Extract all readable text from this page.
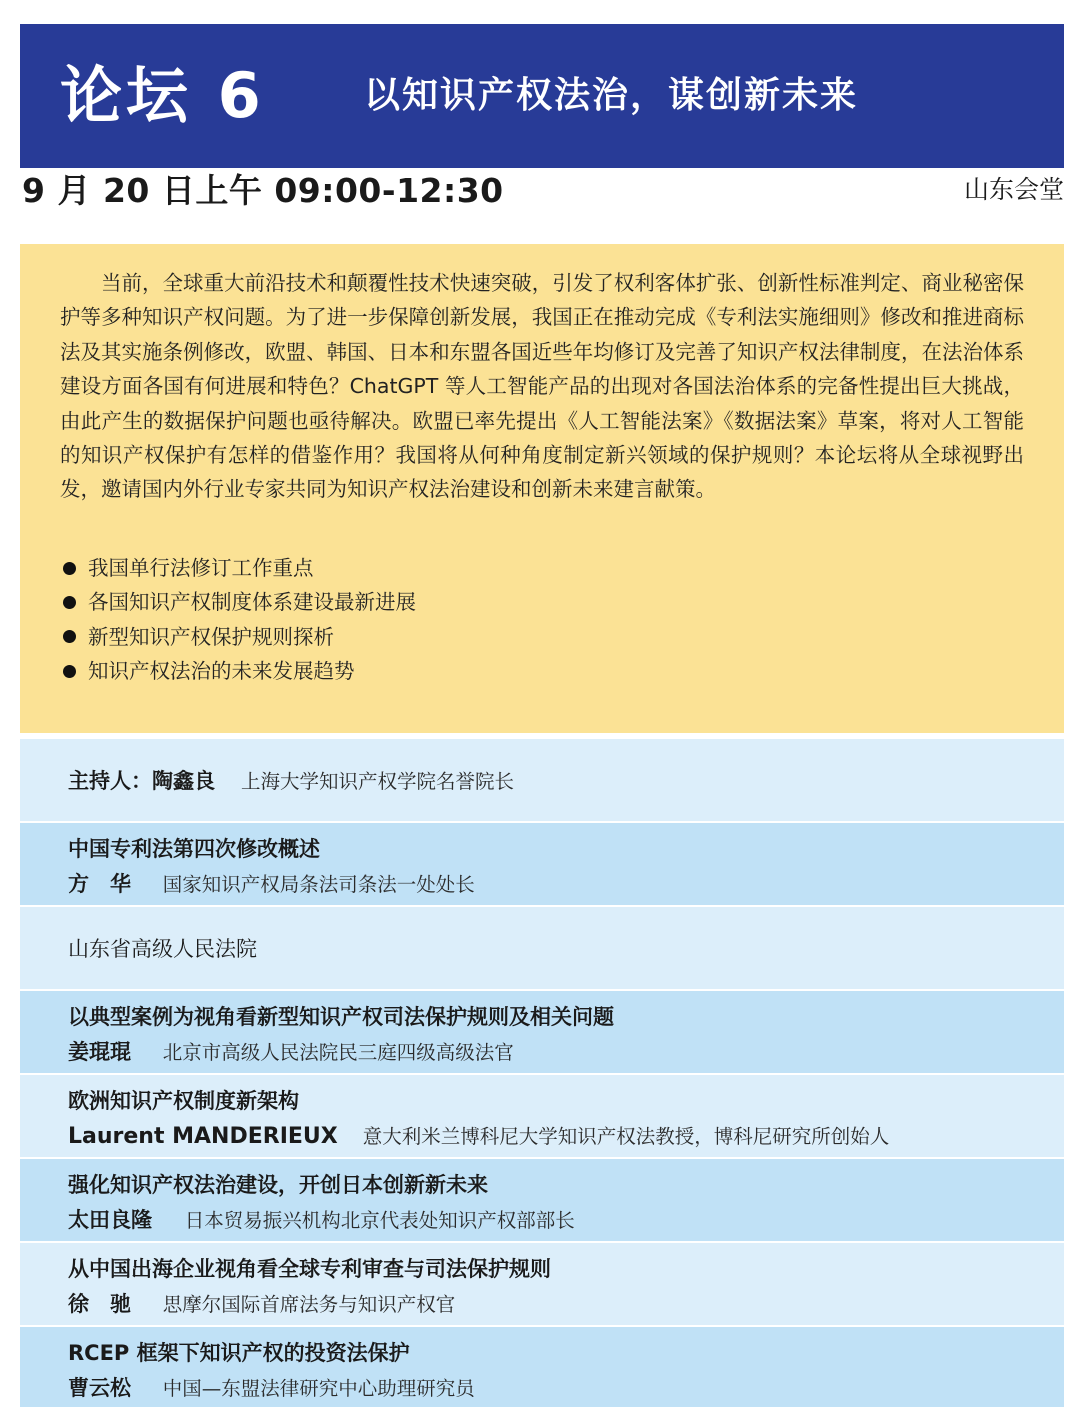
论坛 6	以知识产权法治，谋创新未来
9 月 20 日上午 09:00-12:30	山东会堂

当前，全球重大前沿技术和颠覆性技术快速突破，引发了权利客体扩张、创新性标准判定、商业秘密保护等多种知识产权问题。为了进一步保障创新发展，我国正在推动完成《专利法实施细则》修改和推进商标法及其实施条例修改，欧盟、韩国、日本和东盟各国近些年均修订及完善了知识产权法律制度，在法治体系建设方面各国有何进展和特色？ChatGPT 等人工智能产品的出现对各国法治体系的完备性提出巨大挑战，由此产生的数据保护问题也亟待解决。欧盟已率先提出《人工智能法案》《数据法案》草案，将对人工智能的知识产权保护有怎样的借鉴作用？我国将从何种角度制定新兴领域的保护规则？本论坛将从全球视野出发，邀请国内外行业专家共同为知识产权法治建设和创新未来建言献策。

我国单行法修订工作重点
各国知识产权制度体系建设最新进展
新型知识产权保护规则探析
知识产权法治的未来发展趋势
主持人：陶鑫良 上海大学知识产权学院名誉院长
中国专利法第四次修改概述
方　华 国家知识产权局条法司条法一处处长
山东省高级人民法院
以典型案例为视角看新型知识产权司法保护规则及相关问题
姜琨琨 北京市高级人民法院民三庭四级高级法官
欧洲知识产权制度新架构
Laurent MANDERIEUX 意大利米兰博科尼大学知识产权法教授，博科尼研究所创始人
强化知识产权法治建设，开创日本创新新未来
太田良隆 日本贸易振兴机构北京代表处知识产权部部长
从中国出海企业视角看全球专利审查与司法保护规则
徐　驰 思摩尔国际首席法务与知识产权官
RCEP 框架下知识产权的投资法保护
曹云松 中国—东盟法律研究中心助理研究员
